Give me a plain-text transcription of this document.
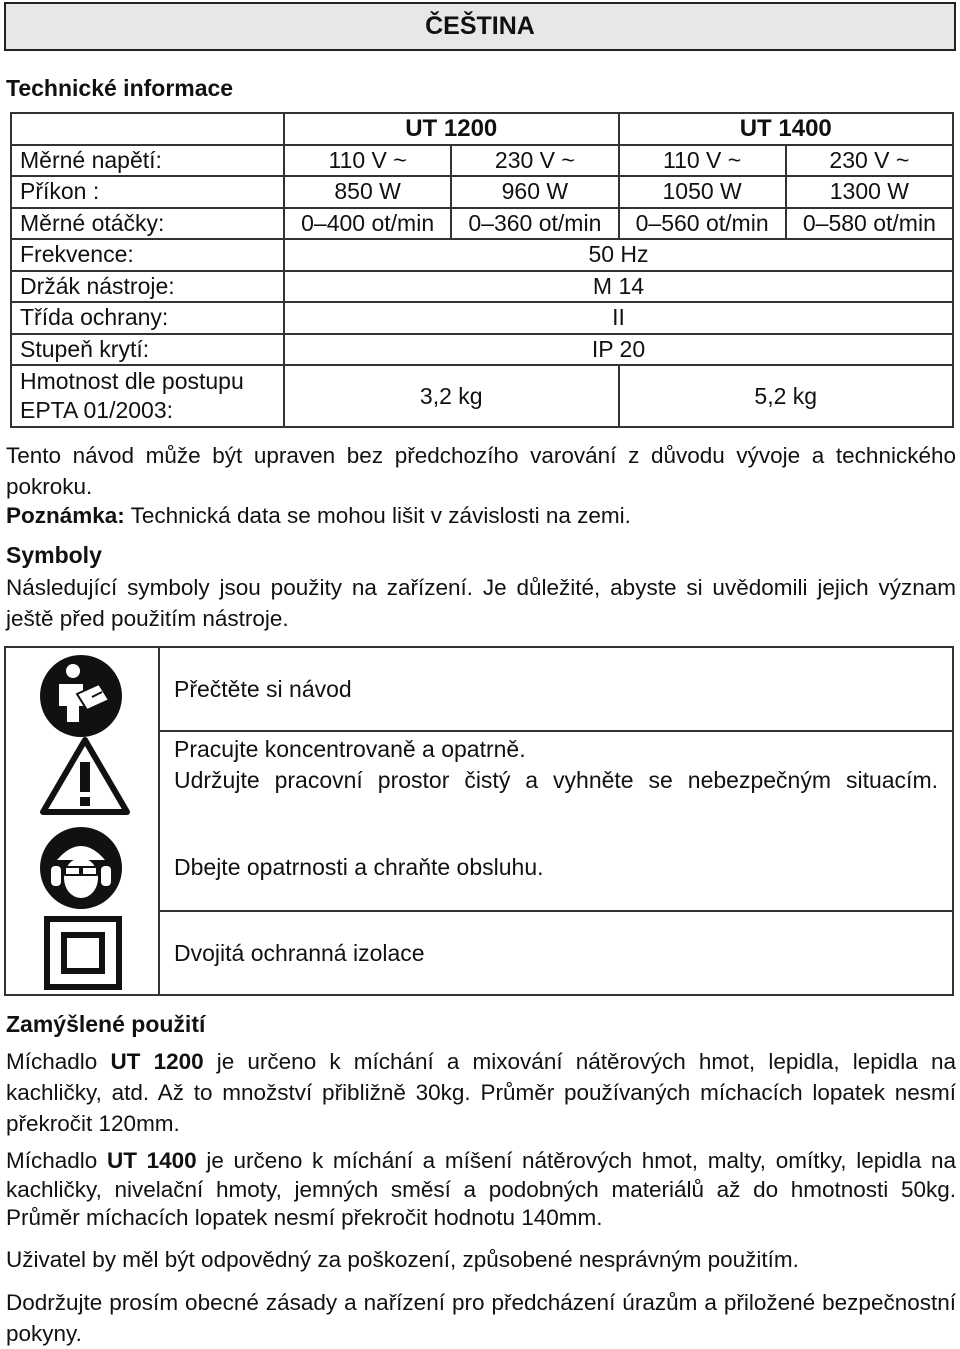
ČEŠTINA
Technické informace
	UT 1200		UT 1400	
Měrné napětí:	110 V ~	230 V ~	110 V ~	230 V ~
Příkon :	850 W	960 W	1050 W	1300 W
Měrné otáčky:	0–400 ot/min	0–360 ot/min	0–560 ot/min	0–580 ot/min
Frekvence:	50 Hz			
Držák nástroje:	M 14			
Třída ochrany:	II			
Stupeň krytí:	IP 20			

Hmotnost dle postupu
EPTA 01/2003:	3,2 kg		5,2 kg	
Tento návod může být upraven bez předchozího varování z důvodu vývoje a technického pokroku.
Poznámka: Technická data se mohou lišit v závislosti na zemi.
Symboly
Následující symboly jsou použity na zařízení. Je důležité, abyste si uvědomili jejich význam ještě před použitím nástroje.
Přečtěte si návod
Pracujte koncentrovaně a opatrně.
Udržujte pracovní prostor čistý a vyhněte se nebezpečným situacím.
Dbejte opatrnosti a chraňte obsluhu.
Dvojitá ochranná izolace
Zamýšlené použití
Míchadlo UT 1200 je určeno k míchání a mixování nátěrových hmot, lepidla, lepidla na kachličky, atd. Až to množství přibližně 30kg. Průměr používaných míchacích lopatek nesmí překročit 120mm.
Míchadlo UT 1400 je určeno k míchání a míšení nátěrových hmot, malty, omítky, lepidla na kachličky, nivelační hmoty, jemných směsí a podobných materiálů až do hmotnosti 50kg. Průměr míchacích lopatek nesmí překročit hodnotu 140mm.
Uživatel by měl být odpovědný za poškození, způsobené nesprávným použitím.
Dodržujte prosím obecné zásady a nařízení pro předcházení úrazům a přiložené bezpečnostní pokyny.
